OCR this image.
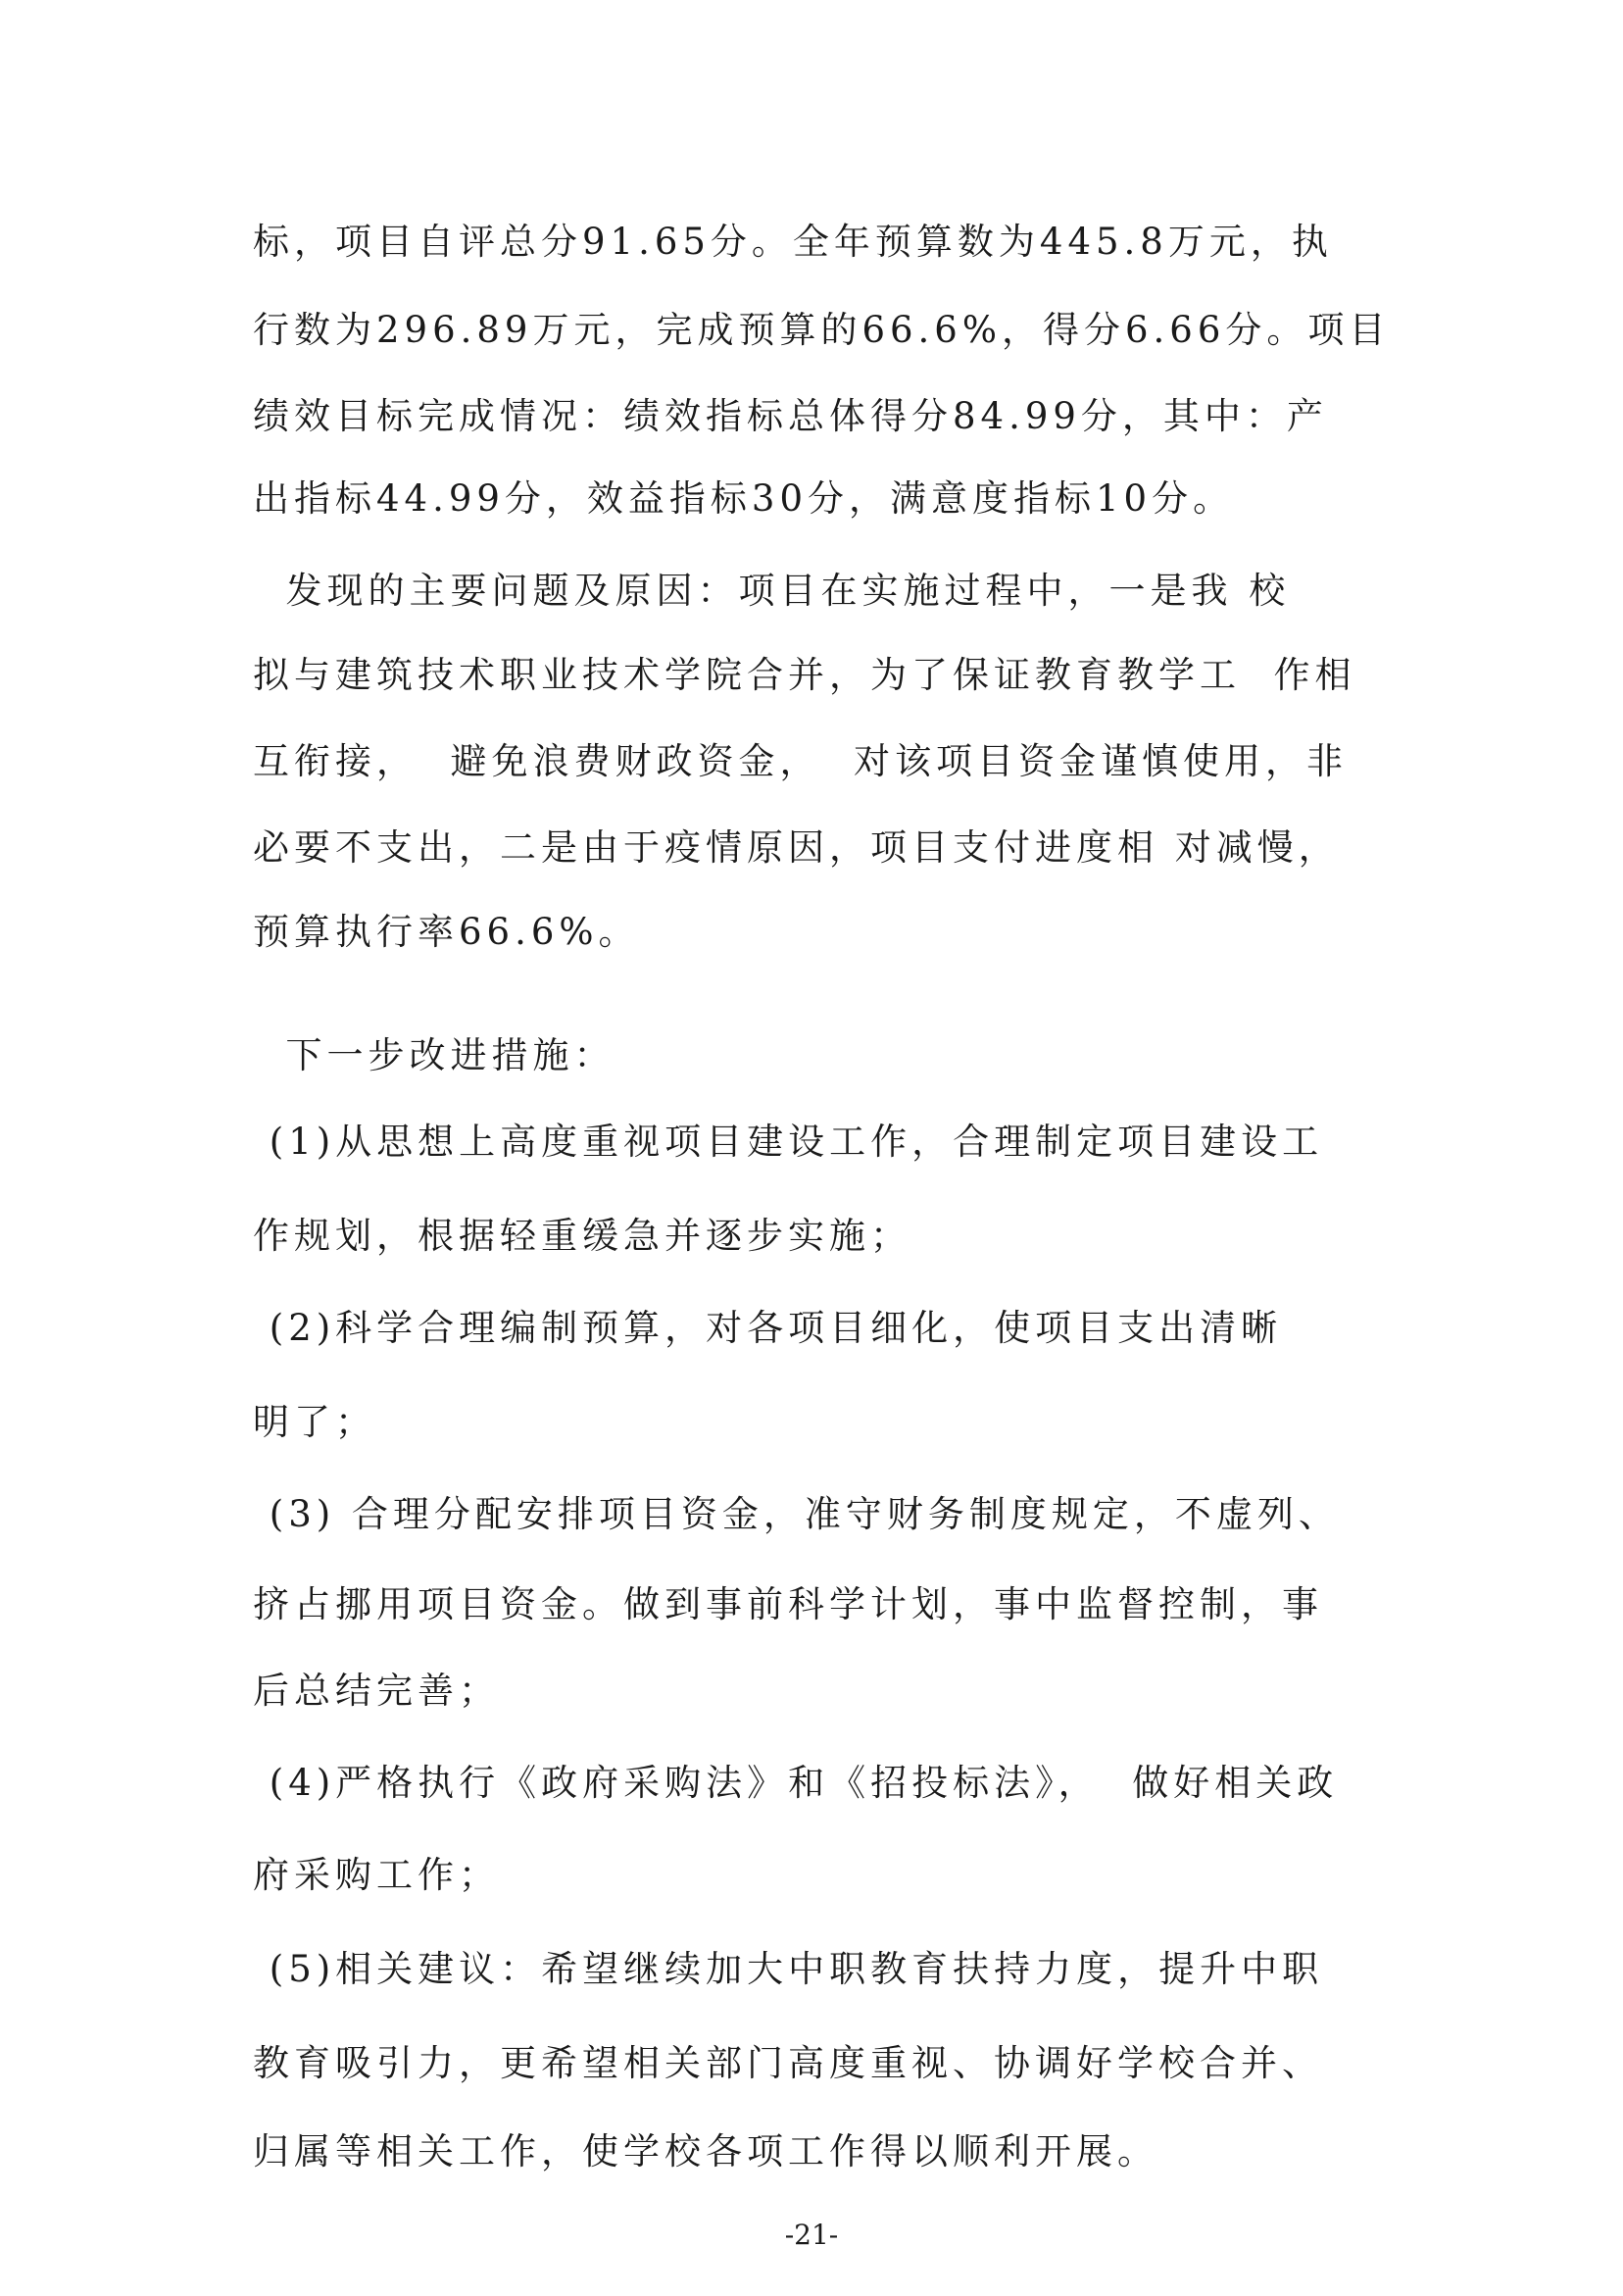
标，项目自评总分91.65分。全年预算数为445.8万元，执
行数为296.89万元，完成预算的66.6%，得分6.66分。项目
绩效目标完成情况：绩效指标总体得分84.99分，其中：产
出指标44.99分，效益指标30分，满意度指标10分。
发现的主要问题及原因：项目在实施过程中，一是我 校
拟与建筑技术职业技术学院合并，为了保证教育教学工  作相
互衔接，  避免浪费财政资金，  对该项目资金谨慎使用，非
必要不支出，二是由于疫情原因，项目支付进度相 对减慢，
预算执行率66.6%。
下一步改进措施：
(1)从思想上高度重视项目建设工作，合理制定项目建设工
作规划，根据轻重缓急并逐步实施；
(2)科学合理编制预算，对各项目细化，使项目支出清晰
明了；
(3) 合理分配安排项目资金，准守财务制度规定，不虚列、
挤占挪用项目资金。做到事前科学计划，事中监督控制，事
后总结完善；
(4)严格执行《政府采购法》和《招投标法》，  做好相关政
府采购工作；
(5)相关建议：希望继续加大中职教育扶持力度，提升中职
教育吸引力，更希望相关部门高度重视、协调好学校合并、
归属等相关工作，使学校各项工作得以顺利开展。
-21-
